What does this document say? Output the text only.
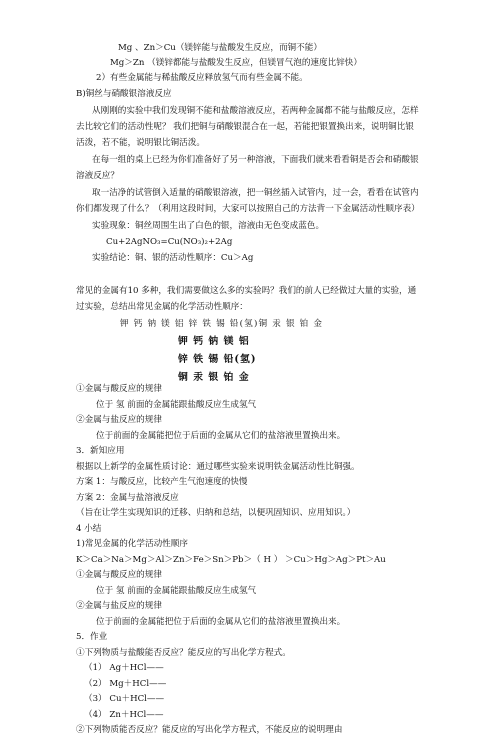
Mg 、Zn＞Cu（镁锌能与盐酸发生反应，而铜不能）
Mg＞Zn （镁锌都能与盐酸发生反应，但镁冒气泡的速度比锌快）
2）有些金属能与稀盐酸反应释放氢气而有些金属不能。
B)铜丝与硝酸银溶液反应
从刚刚的实验中我们发现铜不能和盐酸溶液反应，若两种金属都不能与盐酸反应，怎样
去比较它们的活动性呢？ 我们把铜与硝酸银混合在一起，若能把银置换出来，说明铜比银
活泼，若不能，说明银比铜活泼。
在每一组的桌上已经为你们准备好了另一种溶液，下面我们就来看看铜是否会和硝酸银
溶液反应？
取一洁净的试管倒入适量的硝酸银溶液，把一铜丝插入试管内，过一会，看看在试管内
你们都发现了什么？（利用这段时间，大家可以按照自己的方法背一下金属活动性顺序表）
实验现象：铜丝周围生出了白色的银，溶液由无色变成蓝色。
Cu+2AgNO₃=Cu(NO₃)₂+2Ag
实验结论：铜、银的活动性顺序：Cu＞Ag
常见的金属有10 多种，我们需要做这么多的实验吗？我们的前人已经做过大量的实验，通
过实验，总结出常见金属的化学活动性顺序：
钾 钙 钠 镁 铝 锌 铁 锡 铅(氢)铜 汞 银 铂 金
钾 钙 钠 镁 铝
锌 铁 锡 铅(氢)
铜 汞 银 铂 金
①金属与酸反应的规律
位于 氢 前面的金属能跟盐酸反应生成氢气
②金属与盐反应的规律
位于前面的金属能把位于后面的金属从它们的盐溶液里置换出来。
3．新知应用
根据以上新学的金属性质讨论：通过哪些实验来说明铁金属活动性比铜强。
方案 1：与酸反应，比较产生气泡速度的快慢
方案 2：金属与盐溶液反应
（旨在让学生实现知识的迁移、归纳和总结，以便巩固知识、应用知识。）
4 小结
1)常见金属的化学活动性顺序
K＞Ca＞Na＞Mg＞Al＞Zn＞Fe＞Sn＞Pb＞（ H ） ＞Cu＞Hg＞Ag＞Pt＞Au
①金属与酸反应的规律
位于 氢 前面的金属能跟盐酸反应生成氢气
②金属与盐反应的规律
位于前面的金属能把位于后面的金属从它们的盐溶液里置换出来。
5．作业
①下列物质与盐酸能否反应？能反应的写出化学方程式。
（1） Ag＋HCl——
（2） Mg＋HCl——
（3） Cu＋HCl——
（4） Zn＋HCl——
②下列物质能否反应？能反应的写出化学方程式，不能反应的说明理由
